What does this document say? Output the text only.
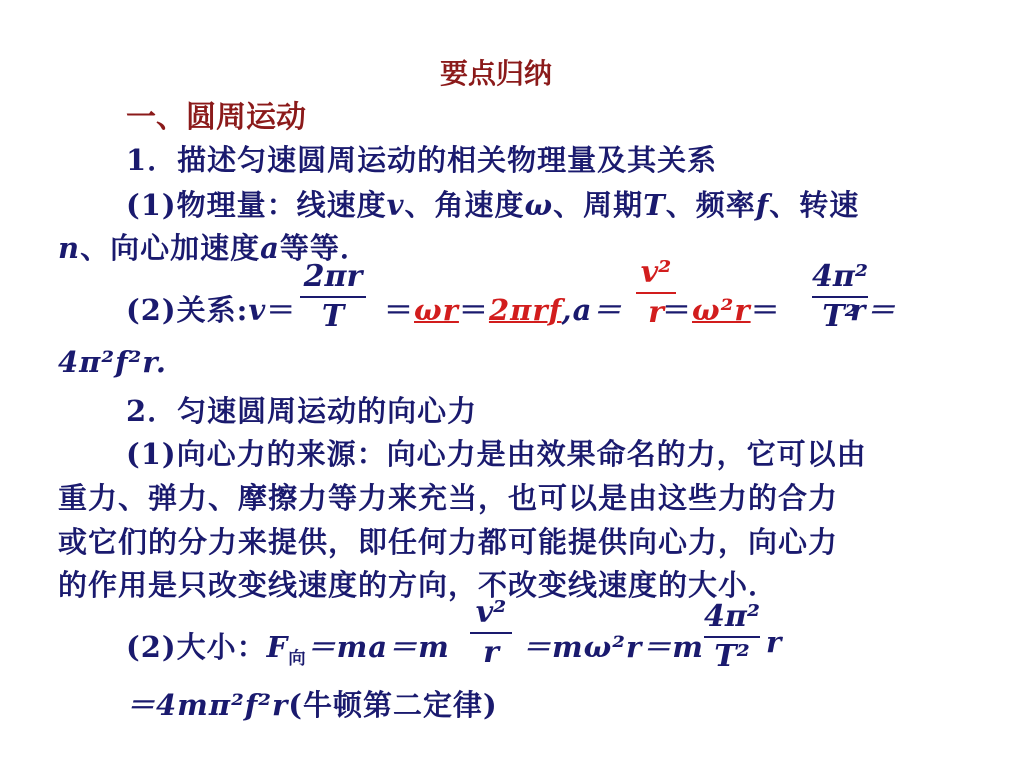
要点归纳
一、圆周运动
1．描述匀速圆周运动的相关物理量及其关系
(1)物理量：线速度v、角速度ω、周期T、频率f、转速
n、向心加速度a等等．
(2)关系:v＝
2πr
T	＝ωr＝2πrf,a＝
v²
r
＝ω²r＝
4π²
T²
r＝
4π²f²r.
2．匀速圆周运动的向心力
(1)向心力的来源：向心力是由效果命名的力，它可以由
重力、弹力、摩擦力等力来充当，也可以是由这些力的合力
或它们的分力来提供，即任何力都可能提供向心力，向心力
的作用是只改变线速度的方向，不改变线速度的大小．
(2)大小：$F_向=ma=m$
v²
r ＝mω²r＝m
4π²
T² r
＝4mπ²f²r(牛顿第二定律)
